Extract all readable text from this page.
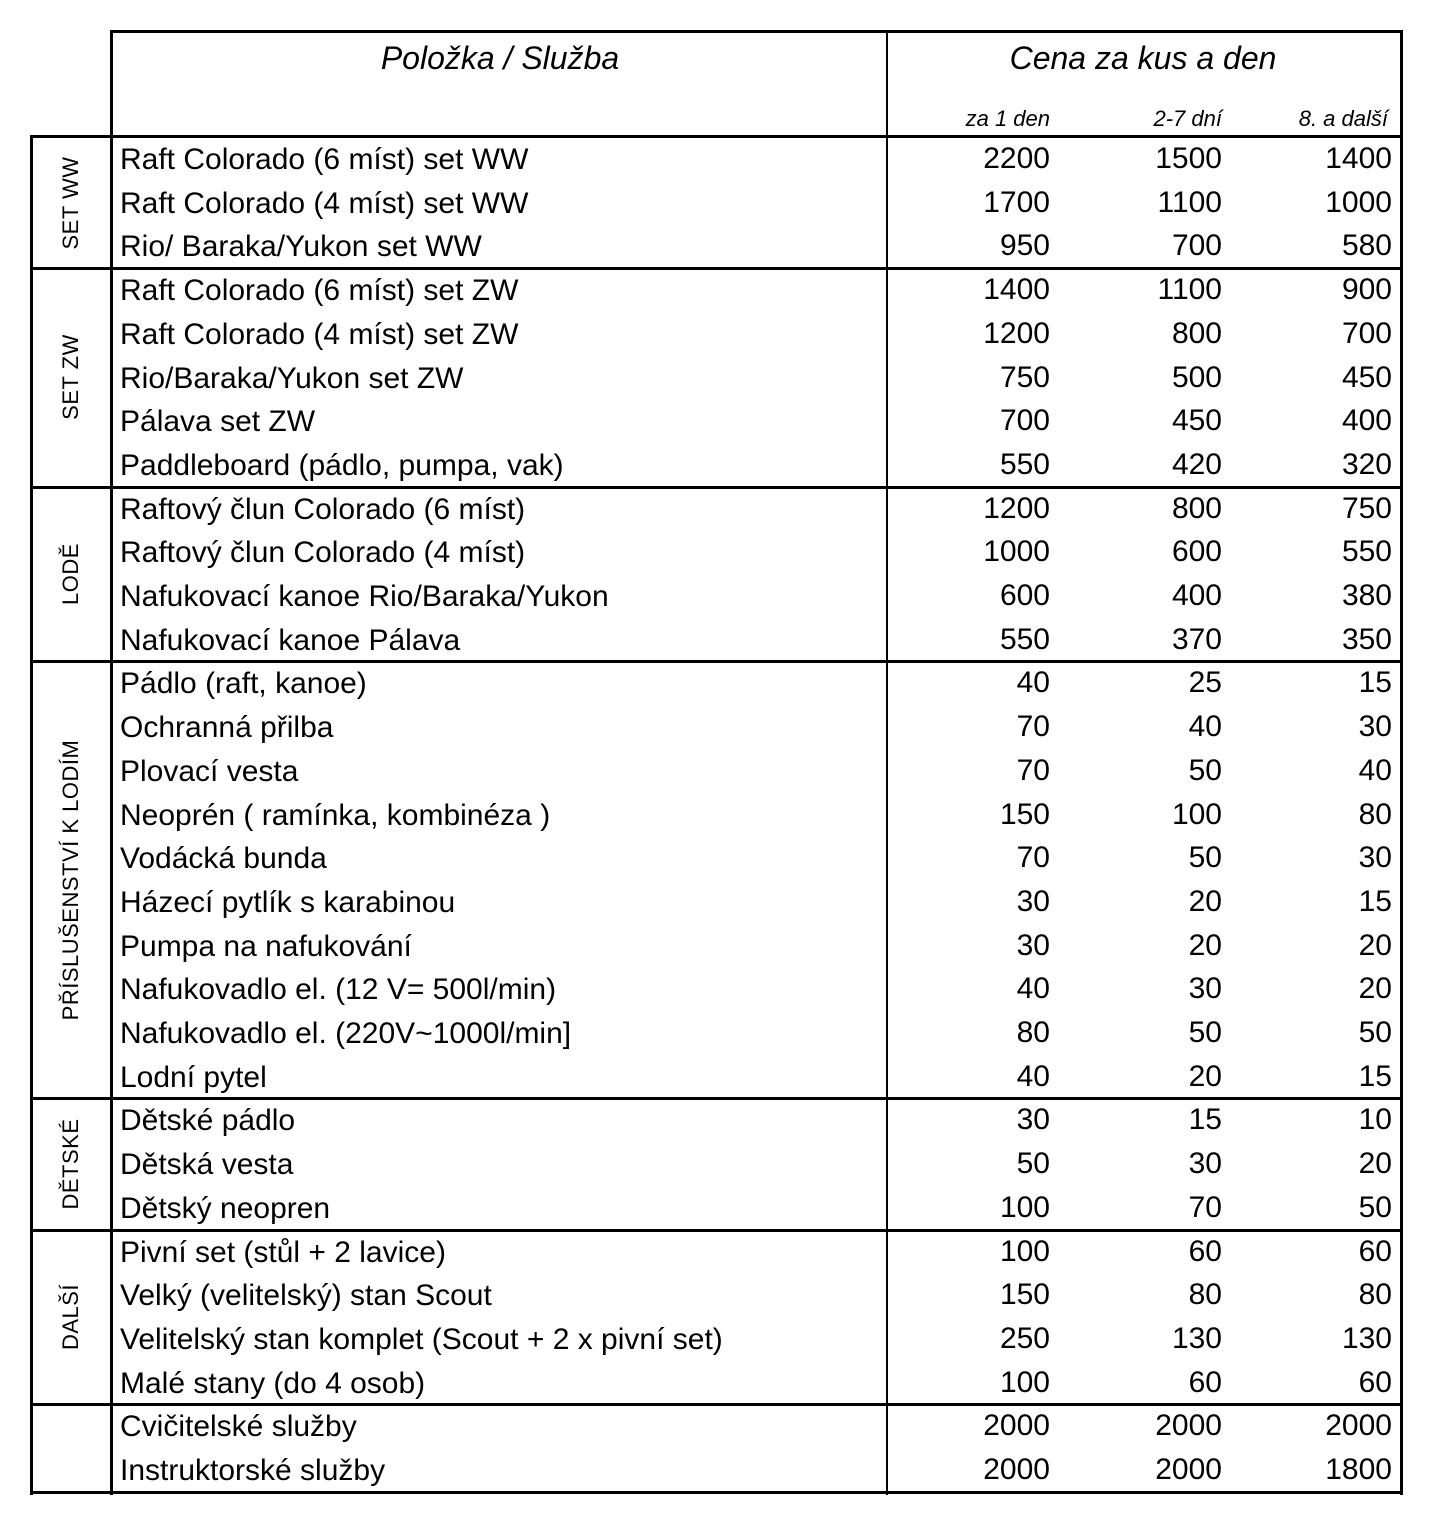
Položka / Služba	Cena za kus a den
za 1 den	2-7 dní	8. a další
Raft Colorado (6 míst) set WW	2200	1500	1400
Raft Colorado (4 míst) set WW	1700	1100	1000
Rio/ Baraka/Yukon set WW	950	700	580
SET WW
Raft Colorado (6 míst) set ZW	1400	1100	900
Raft Colorado (4 míst) set ZW	1200	800	700
Rio/Baraka/Yukon set ZW	750	500	450
Pálava set ZW	700	450	400
Paddleboard (pádlo, pumpa, vak)	550	420	320
SET ZW
Raftový člun Colorado (6 míst)	1200	800	750
Raftový člun Colorado (4 míst)	1000	600	550
Nafukovací kanoe Rio/Baraka/Yukon	600	400	380
Nafukovací kanoe Pálava	550	370	350
LODĚ
Pádlo (raft, kanoe)	40	25	15
Ochranná přilba	70	40	30
Plovací vesta	70	50	40
Neoprén ( ramínka, kombinéza )	150	100	80
Vodácká bunda	70	50	30
Házecí pytlík s karabinou	30	20	15
Pumpa na nafukování	30	20	20
Nafukovadlo el. (12 V= 500l/min)	40	30	20
Nafukovadlo el. (220V~1000l/min]	80	50	50
Lodní pytel	40	20	15
PŘÍSLUŠENSTVÍ K LODÍM
Dětské pádlo	30	15	10
Dětská vesta	50	30	20
Dětský neopren	100	70	50
DĚTSKÉ
Pivní set (stůl + 2 lavice)	100	60	60
Velký (velitelský) stan Scout	150	80	80
Velitelský stan komplet (Scout + 2 x pivní set)	250	130	130
Malé stany (do 4 osob)	100	60	60
DALŠÍ
Cvičitelské služby	2000	2000	2000
Instruktorské služby	2000	2000	1800
